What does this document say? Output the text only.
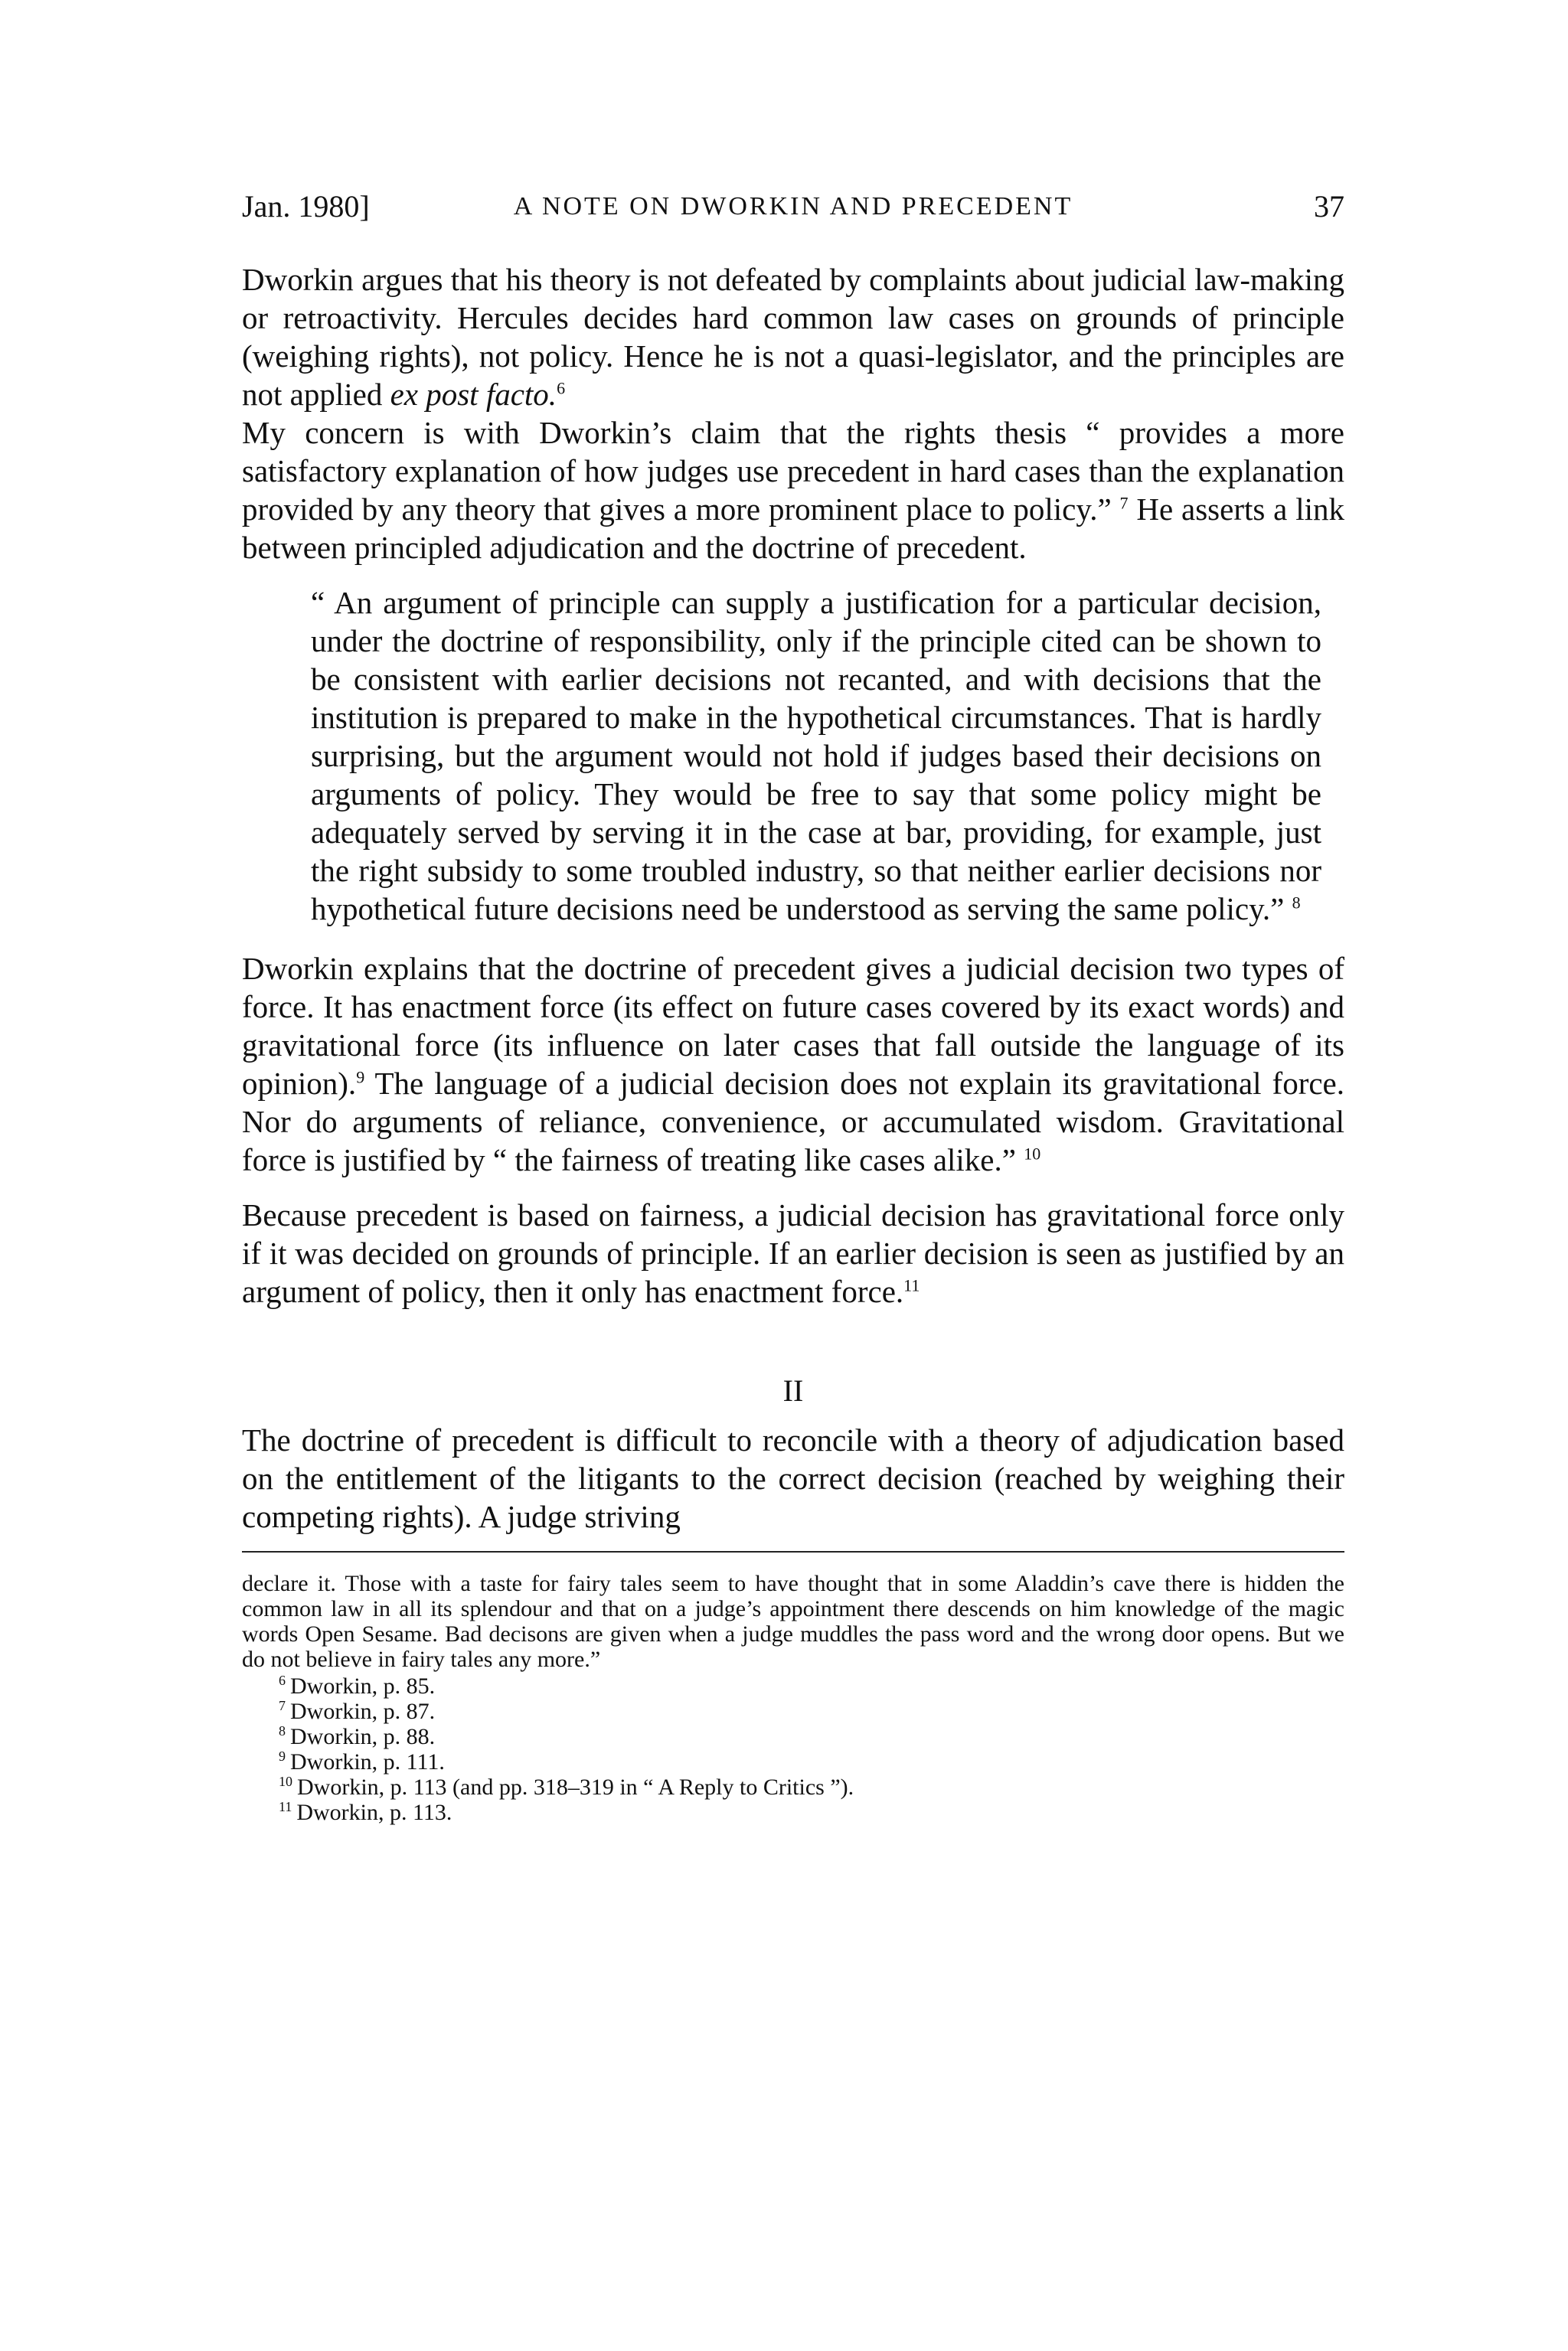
Jan. 1980]	A NOTE ON DWORKIN AND PRECEDENT	37

Dworkin argues that his theory is not defeated by complaints about judicial law-making or retroactivity. Hercules decides hard common law cases on grounds of principle (weighing rights), not policy. Hence he is not a quasi-legislator, and the principles are not applied ex post facto.$^6$

My concern is with Dworkin’s claim that the rights thesis “ provides a more satisfactory explanation of how judges use precedent in hard cases than the explanation provided by any theory that gives a more prominent place to policy.” $^7$ He asserts a link between principled adjudication and the doctrine of precedent.

“ An argument of principle can supply a justification for a particular decision, under the doctrine of responsibility, only if the principle cited can be shown to be consistent with earlier decisions not recanted, and with decisions that the institution is prepared to make in the hypothetical circumstances. That is hardly surprising, but the argument would not hold if judges based their decisions on arguments of policy. They would be free to say that some policy might be adequately served by serving it in the case at bar, providing, for example, just the right subsidy to some troubled industry, so that neither earlier decisions nor hypothetical future decisions need be understood as serving the same policy.” $^8$

Dworkin explains that the doctrine of precedent gives a judicial decision two types of force. It has enactment force (its effect on future cases covered by its exact words) and gravitational force (its influence on later cases that fall outside the language of its opinion).$^9$ The language of a judicial decision does not explain its gravitational force. Nor do arguments of reliance, convenience, or accumulated wisdom. Gravitational force is justified by “ the fairness of treating like cases alike.” $^{10}$

Because precedent is based on fairness, a judicial decision has gravitational force only if it was decided on grounds of principle. If an earlier decision is seen as justified by an argument of policy, then it only has enactment force.$^{11}$

II

The doctrine of precedent is difficult to reconcile with a theory of adjudication based on the entitlement of the litigants to the correct decision (reached by weighing their competing rights). A judge striving

declare it. Those with a taste for fairy tales seem to have thought that in some Aladdin’s cave there is hidden the common law in all its splendour and that on a judge’s appointment there descends on him knowledge of the magic words Open Sesame. Bad decisons are given when a judge muddles the pass word and the wrong door opens. But we do not believe in fairy tales any more.”

$^6$ Dworkin, p. 85.

$^7$ Dworkin, p. 87.

$^8$ Dworkin, p. 88.

$^9$ Dworkin, p. 111.

$^{10}$ Dworkin, p. 113 (and pp. 318–319 in “ A Reply to Critics ”).

$^{11}$ Dworkin, p. 113.
